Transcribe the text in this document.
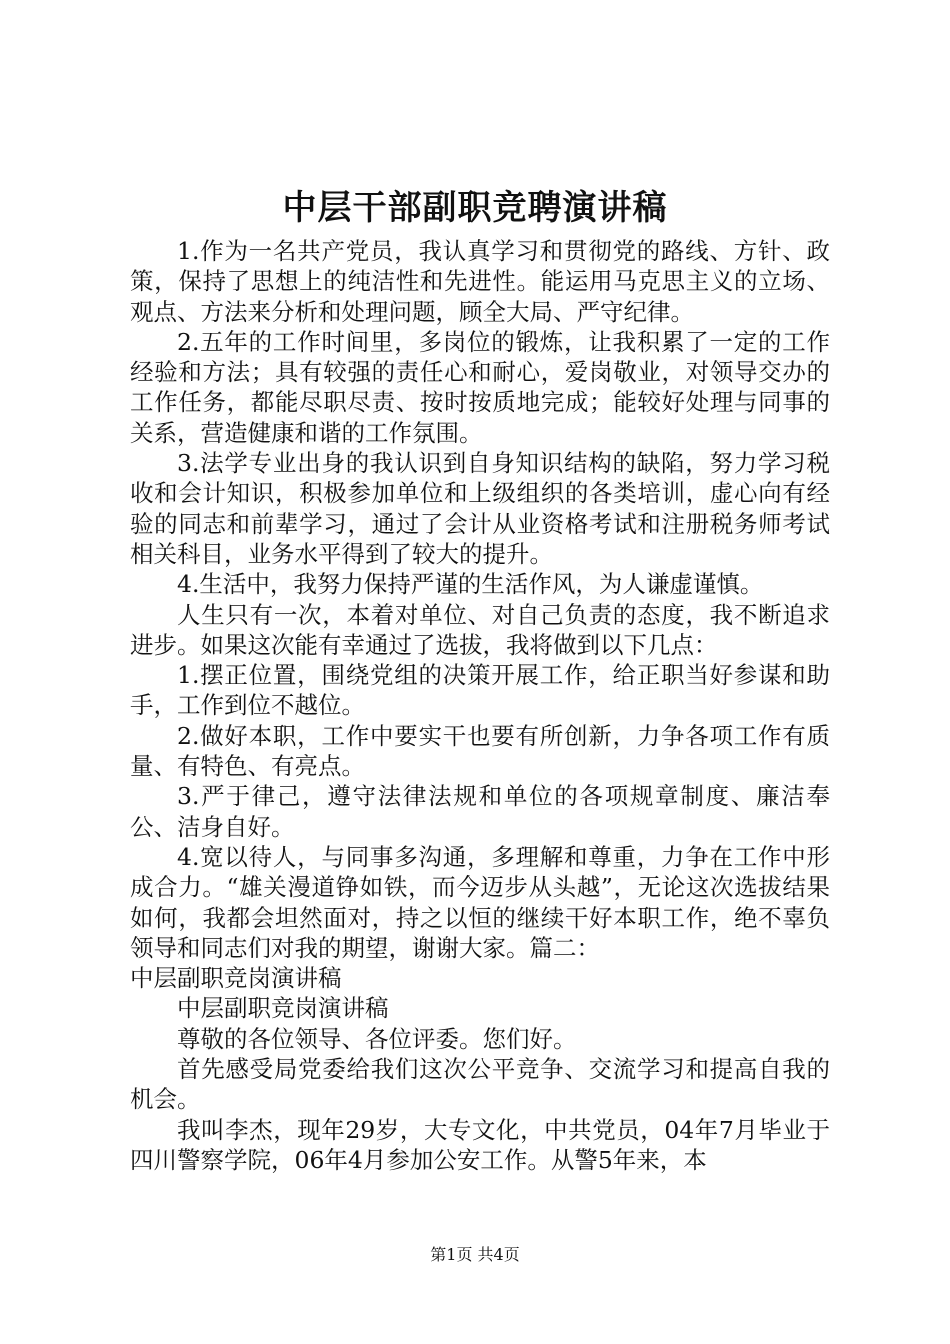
中层干部副职竞聘演讲稿

1.作为一名共产党员，我认真学习和贯彻党的路线、方针、政策，保持了思想上的纯洁性和先进性。能运用马克思主义的立场、观点、方法来分析和处理问题，顾全大局、严守纪律。

2.五年的工作时间里，多岗位的锻炼，让我积累了一定的工作经验和方法；具有较强的责任心和耐心，爱岗敬业，对领导交办的工作任务，都能尽职尽责、按时按质地完成；能较好处理与同事的关系，营造健康和谐的工作氛围。

3.法学专业出身的我认识到自身知识结构的缺陷，努力学习税收和会计知识，积极参加单位和上级组织的各类培训，虚心向有经验的同志和前辈学习，通过了会计从业资格考试和注册税务师考试相关科目，业务水平得到了较大的提升。

4.生活中，我努力保持严谨的生活作风，为人谦虚谨慎。

人生只有一次，本着对单位、对自己负责的态度，我不断追求进步。如果这次能有幸通过了选拔，我将做到以下几点：

1.摆正位置，围绕党组的决策开展工作，给正职当好参谋和助手，工作到位不越位。

2.做好本职，工作中要实干也要有所创新，力争各项工作有质量、有特色、有亮点。

3.严于律己，遵守法律法规和单位的各项规章制度、廉洁奉公、洁身自好。

4.宽以待人，与同事多沟通，多理解和尊重，力争在工作中形成合力。“雄关漫道铮如铁，而今迈步从头越”，无论这次选拔结果如何，我都会坦然面对，持之以恒的继续干好本职工作，绝不辜负领导和同志们对我的期望，谢谢大家。篇二：

中层副职竞岗演讲稿

中层副职竞岗演讲稿

尊敬的各位领导、各位评委。您们好。

首先感受局党委给我们这次公平竞争、交流学习和提高自我的机会。

我叫李杰，现年29岁，大专文化，中共党员，04年7月毕业于四川警察学院，06年4月参加公安工作。从警5年来，本

第1页 共4页
